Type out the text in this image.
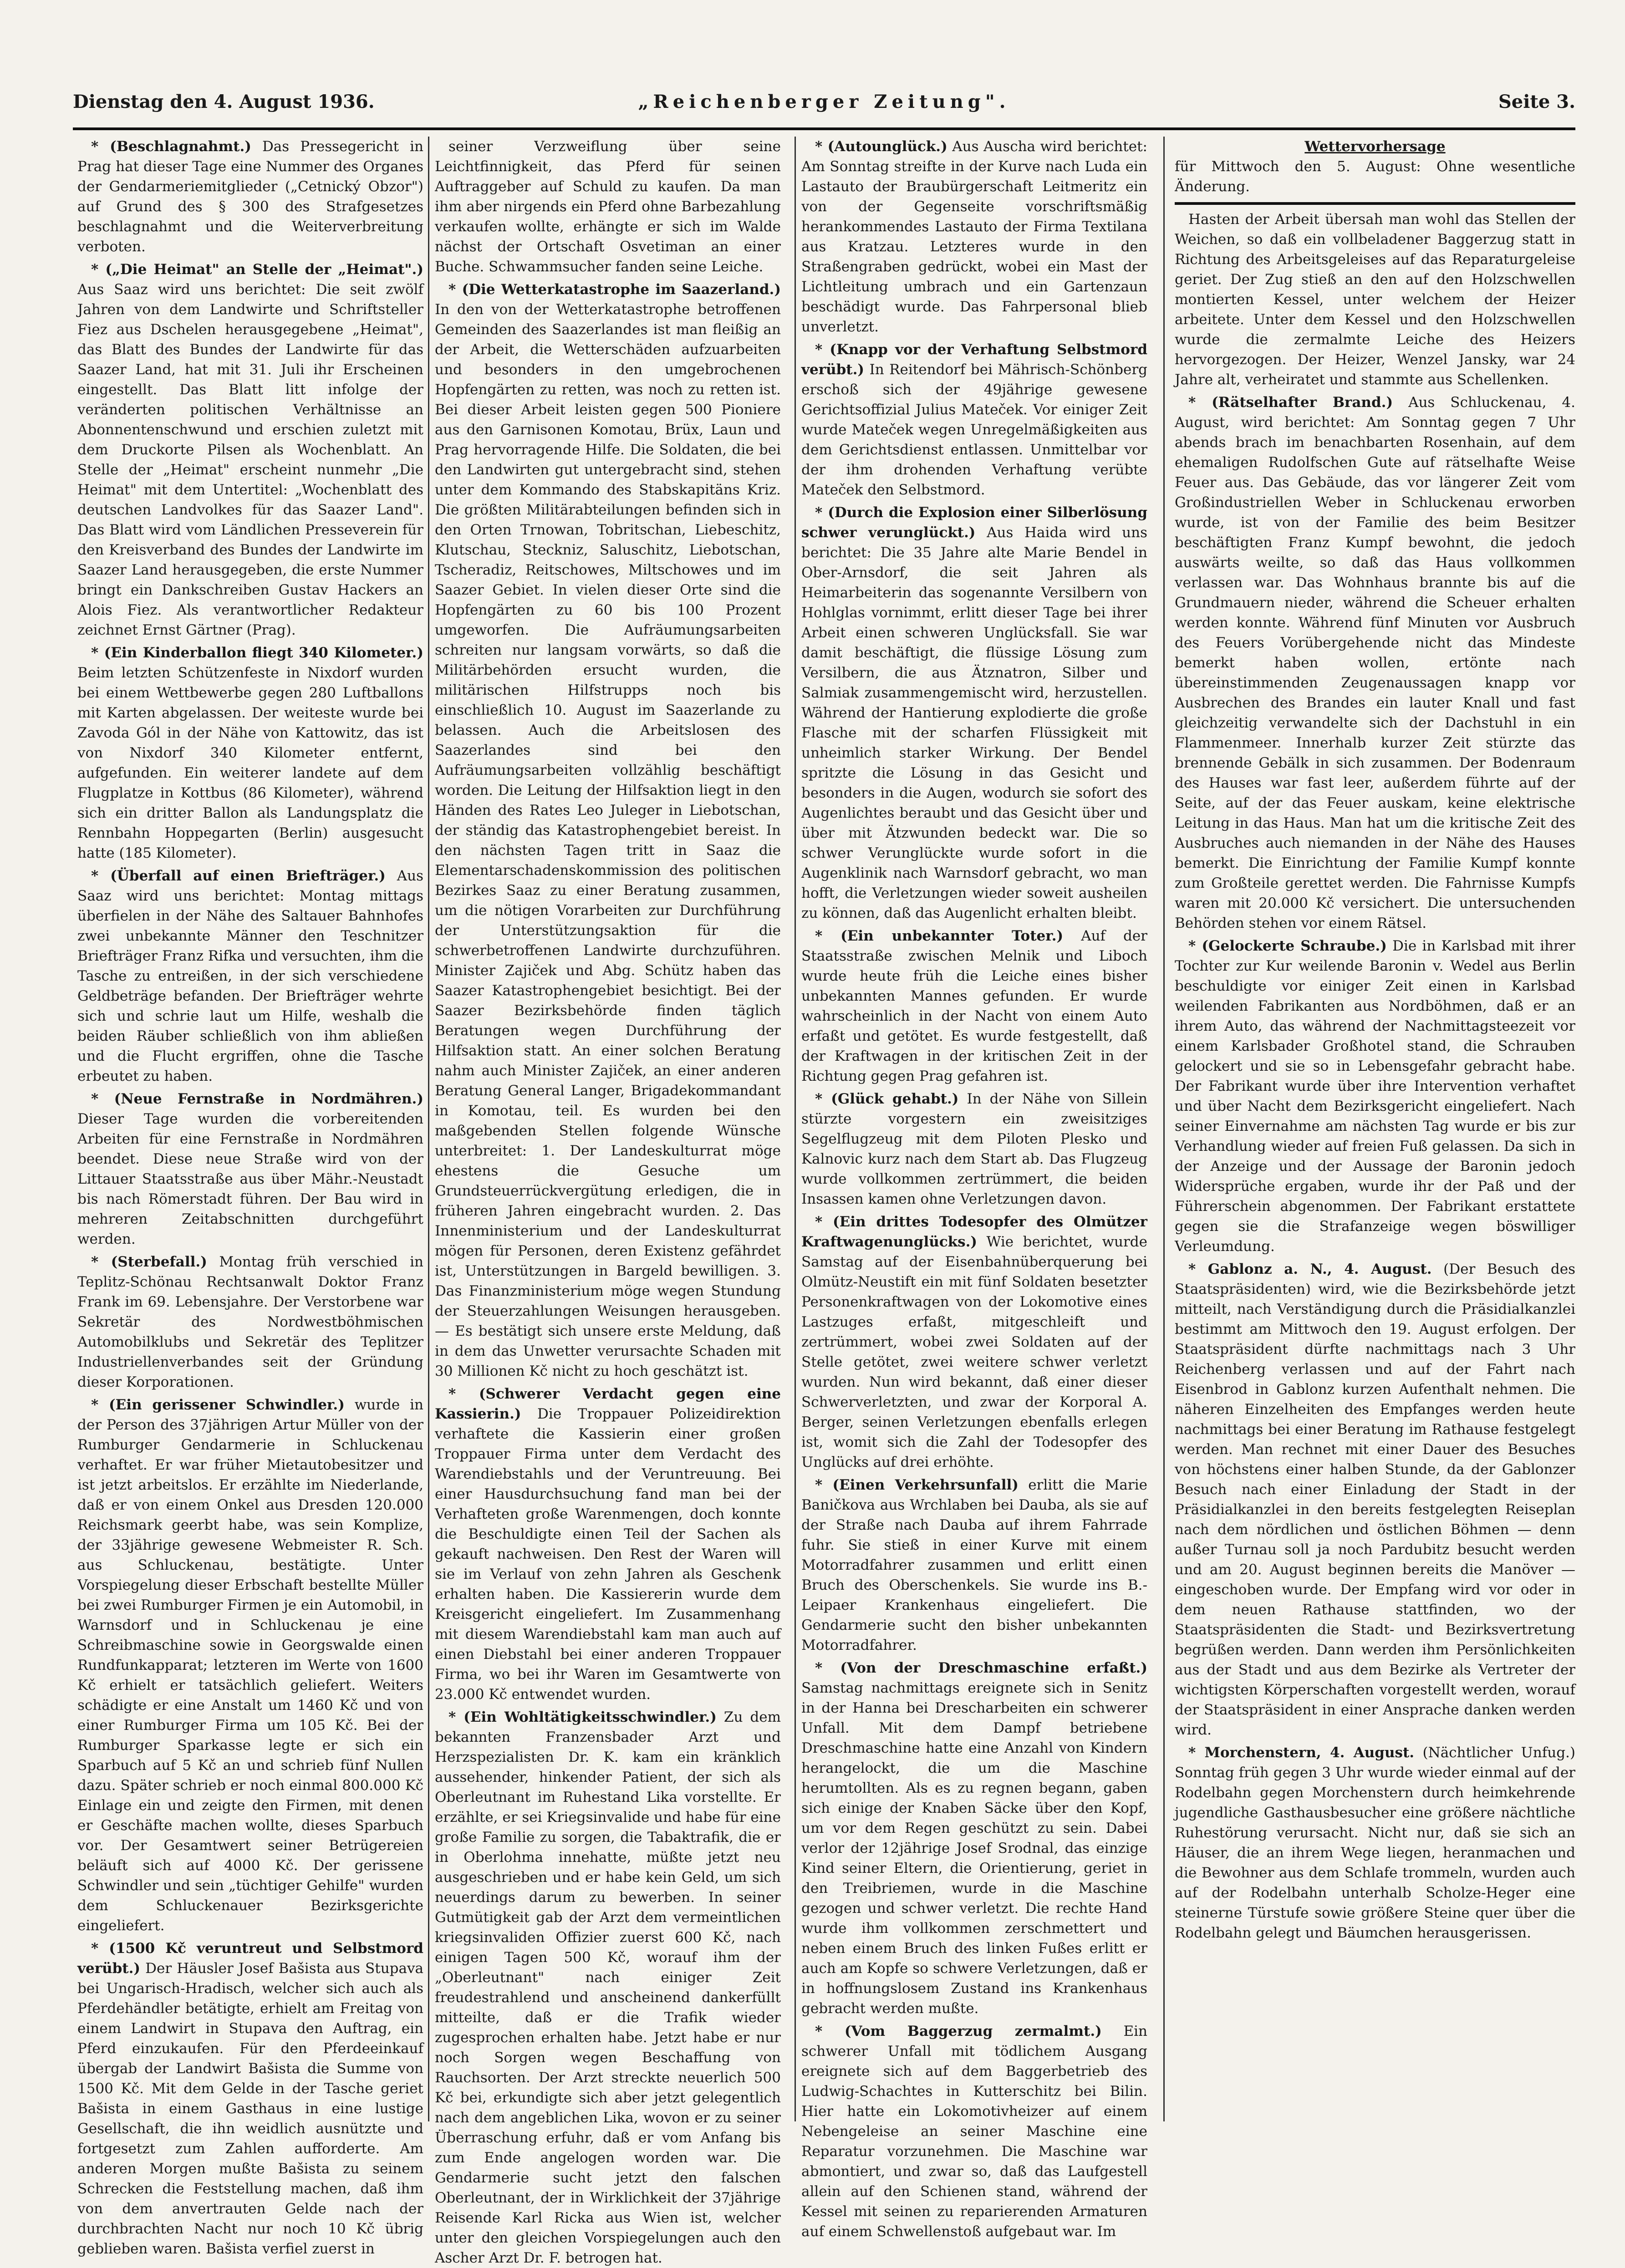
Dienstag den 4. August 1936.	„Reichenberger Zeitung".	Seite 3.

* (Beschlagnahmt.) Das Pressegericht in Prag hat dieser Tage eine Nummer des Organes der Gendarmeriemitglieder („Cetnický Obzor") auf Grund des § 300 des Strafgesetzes beschlagnahmt und die Weiterverbreitung verboten.

* („Die Heimat" an Stelle der „Heimat".) Aus Saaz wird uns berichtet: Die seit zwölf Jahren von dem Landwirte und Schriftsteller Fiez aus Dschelen herausgegebene „Heimat", das Blatt des Bundes der Landwirte für das Saazer Land, hat mit 31. Juli ihr Erscheinen eingestellt. Das Blatt litt infolge der veränderten politischen Verhältnisse an Abonnentenschwund und erschien zuletzt mit dem Druckorte Pilsen als Wochenblatt. An Stelle der „Heimat" erscheint nunmehr „Die Heimat" mit dem Untertitel: „Wochenblatt des deutschen Landvolkes für das Saazer Land". Das Blatt wird vom Ländlichen Presseverein für den Kreisverband des Bundes der Landwirte im Saazer Land herausgegeben, die erste Nummer bringt ein Dankschreiben Gustav Hackers an Alois Fiez. Als verantwortlicher Redakteur zeichnet Ernst Gärtner (Prag).

* (Ein Kinderballon fliegt 340 Kilometer.) Beim letzten Schützenfeste in Nixdorf wurden bei einem Wettbewerbe gegen 280 Luftballons mit Karten abgelassen. Der weiteste wurde bei Zavoda Gól in der Nähe von Kattowitz, das ist von Nixdorf 340 Kilometer entfernt, aufgefunden. Ein weiterer landete auf dem Flugplatze in Kottbus (86 Kilometer), während sich ein dritter Ballon als Landungsplatz die Rennbahn Hoppegarten (Berlin) ausgesucht hatte (185 Kilometer).

* (Überfall auf einen Briefträger.) Aus Saaz wird uns berichtet: Montag mittags überfielen in der Nähe des Saltauer Bahnhofes zwei unbekannte Männer den Teschnitzer Briefträger Franz Rifka und versuchten, ihm die Tasche zu entreißen, in der sich verschiedene Geldbeträge befanden. Der Briefträger wehrte sich und schrie laut um Hilfe, weshalb die beiden Räuber schließlich von ihm abließen und die Flucht ergriffen, ohne die Tasche erbeutet zu haben.

* (Neue Fernstraße in Nordmähren.) Dieser Tage wurden die vorbereitenden Arbeiten für eine Fernstraße in Nordmähren beendet. Diese neue Straße wird von der Littauer Staatsstraße aus über Mähr.-Neustadt bis nach Römerstadt führen. Der Bau wird in mehreren Zeitabschnitten durchgeführt werden.

* (Sterbefall.) Montag früh verschied in Teplitz-Schönau Rechtsanwalt Doktor Franz Frank im 69. Lebensjahre. Der Verstorbene war Sekretär des Nordwestböhmischen Automobilklubs und Sekretär des Teplitzer Industriellenverbandes seit der Gründung dieser Korporationen.

* (Ein gerissener Schwindler.) wurde in der Person des 37jährigen Artur Müller von der Rumburger Gendarmerie in Schluckenau verhaftet. Er war früher Mietautobesitzer und ist jetzt arbeitslos. Er erzählte im Niederlande, daß er von einem Onkel aus Dresden 120.000 Reichsmark geerbt habe, was sein Komplize, der 33jährige gewesene Webmeister R. Sch. aus Schluckenau, bestätigte. Unter Vorspiegelung dieser Erbschaft bestellte Müller bei zwei Rumburger Firmen je ein Automobil, in Warnsdorf und in Schluckenau je eine Schreibmaschine sowie in Georgswalde einen Rundfunkapparat; letzteren im Werte von 1600 Kč erhielt er tatsächlich geliefert. Weiters schädigte er eine Anstalt um 1460 Kč und von einer Rumburger Firma um 105 Kč. Bei der Rumburger Sparkasse legte er sich ein Sparbuch auf 5 Kč an und schrieb fünf Nullen dazu. Später schrieb er noch einmal 800.000 Kč Einlage ein und zeigte den Firmen, mit denen er Geschäfte machen wollte, dieses Sparbuch vor. Der Gesamtwert seiner Betrügereien beläuft sich auf 4000 Kč. Der gerissene Schwindler und sein „tüchtiger Gehilfe" wurden dem Schluckenauer Bezirksgerichte eingeliefert.

* (1500 Kč veruntreut und Selbstmord verübt.) Der Häusler Josef Bašista aus Stupava bei Ungarisch-Hradisch, welcher sich auch als Pferdehändler betätigte, erhielt am Freitag von einem Landwirt in Stupava den Auftrag, ein Pferd einzukaufen. Für den Pferdeeinkauf übergab der Landwirt Bašista die Summe von 1500 Kč. Mit dem Gelde in der Tasche geriet Bašista in einem Gasthaus in eine lustige Gesellschaft, die ihn weidlich ausnützte und fortgesetzt zum Zahlen aufforderte. Am anderen Morgen mußte Bašista zu seinem Schrecken die Feststellung machen, daß ihm von dem anvertrauten Gelde nach der durchbrachten Nacht nur noch 10 Kč übrig geblieben waren. Bašista verfiel zuerst in

seiner Verzweiflung über seine Leichtfinnigkeit, das Pferd für seinen Auftraggeber auf Schuld zu kaufen. Da man ihm aber nirgends ein Pferd ohne Barbezahlung verkaufen wollte, erhängte er sich im Walde nächst der Ortschaft Osvetiman an einer Buche. Schwammsucher fanden seine Leiche.

* (Die Wetterkatastrophe im Saazerland.) In den von der Wetterkatastrophe betroffenen Gemeinden des Saazerlandes ist man fleißig an der Arbeit, die Wetterschäden aufzuarbeiten und besonders in den umgebrochenen Hopfengärten zu retten, was noch zu retten ist. Bei dieser Arbeit leisten gegen 500 Pioniere aus den Garnisonen Komotau, Brüx, Laun und Prag hervorragende Hilfe. Die Soldaten, die bei den Landwirten gut untergebracht sind, stehen unter dem Kommando des Stabskapitäns Kriz. Die größten Militärabteilungen befinden sich in den Orten Trnowan, Tobritschan, Liebeschitz, Klutschau, Steckniz, Saluschitz, Liebotschan, Tscheradiz, Reitschowes, Miltschowes und im Saazer Gebiet. In vielen dieser Orte sind die Hopfengärten zu 60 bis 100 Prozent umgeworfen. Die Aufräumungsarbeiten schreiten nur langsam vorwärts, so daß die Militärbehörden ersucht wurden, die militärischen Hilfstrupps noch bis einschließlich 10. August im Saazerlande zu belassen. Auch die Arbeitslosen des Saazerlandes sind bei den Aufräumungsarbeiten vollzählig beschäftigt worden. Die Leitung der Hilfsaktion liegt in den Händen des Rates Leo Juleger in Liebotschan, der ständig das Katastrophengebiet bereist. In den nächsten Tagen tritt in Saaz die Elementarschadenskommission des politischen Bezirkes Saaz zu einer Beratung zusammen, um die nötigen Vorarbeiten zur Durchführung der Unterstützungsaktion für die schwerbetroffenen Landwirte durchzuführen. Minister Zajiček und Abg. Schütz haben das Saazer Katastrophengebiet besichtigt. Bei der Saazer Bezirksbehörde finden täglich Beratungen wegen Durchführung der Hilfsaktion statt. An einer solchen Beratung nahm auch Minister Zajiček, an einer anderen Beratung General Langer, Brigadekommandant in Komotau, teil. Es wurden bei den maßgebenden Stellen folgende Wünsche unterbreitet: 1. Der Landeskulturrat möge ehestens die Gesuche um Grundsteuerrückvergütung erledigen, die in früheren Jahren eingebracht wurden. 2. Das Innenministerium und der Landeskulturrat mögen für Personen, deren Existenz gefährdet ist, Unterstützungen in Bargeld bewilligen. 3. Das Finanzministerium möge wegen Stundung der Steuerzahlungen Weisungen herausgeben. — Es bestätigt sich unsere erste Meldung, daß in dem das Unwetter verursachte Schaden mit 30 Millionen Kč nicht zu hoch geschätzt ist.

* (Schwerer Verdacht gegen eine Kassierin.) Die Troppauer Polizeidirektion verhaftete die Kassierin einer großen Troppauer Firma unter dem Verdacht des Warendiebstahls und der Veruntreuung. Bei einer Hausdurchsuchung fand man bei der Verhafteten große Warenmengen, doch konnte die Beschuldigte einen Teil der Sachen als gekauft nachweisen. Den Rest der Waren will sie im Verlauf von zehn Jahren als Geschenk erhalten haben. Die Kassiererin wurde dem Kreisgericht eingeliefert. Im Zusammenhang mit diesem Warendiebstahl kam man auch auf einen Diebstahl bei einer anderen Troppauer Firma, wo bei ihr Waren im Gesamtwerte von 23.000 Kč entwendet wurden.

* (Ein Wohltätigkeitsschwindler.) Zu dem bekannten Franzensbader Arzt und Herzspezialisten Dr. K. kam ein kränklich aussehender, hinkender Patient, der sich als Oberleutnant im Ruhestand Lika vorstellte. Er erzählte, er sei Kriegsinvalide und habe für eine große Familie zu sorgen, die Tabaktrafik, die er in Oberlohma innehatte, müßte jetzt neu ausgeschrieben und er habe kein Geld, um sich neuerdings darum zu bewerben. In seiner Gutmütigkeit gab der Arzt dem vermeintlichen kriegsinvaliden Offizier zuerst 600 Kč, nach einigen Tagen 500 Kč, worauf ihm der „Oberleutnant" nach einiger Zeit freudestrahlend und anscheinend dankerfüllt mitteilte, daß er die Trafik wieder zugesprochen erhalten habe. Jetzt habe er nur noch Sorgen wegen Beschaffung von Rauchsorten. Der Arzt streckte neuerlich 500 Kč bei, erkundigte sich aber jetzt gelegentlich nach dem angeblichen Lika, wovon er zu seiner Überraschung erfuhr, daß er vom Anfang bis zum Ende angelogen worden war. Die Gendarmerie sucht jetzt den falschen Oberleutnant, der in Wirklichkeit der 37jährige Reisende Karl Ricka aus Wien ist, welcher unter den gleichen Vorspiegelungen auch den Ascher Arzt Dr. F. betrogen hat.

* (Autounglück.) Aus Auscha wird berichtet: Am Sonntag streifte in der Kurve nach Luda ein Lastauto der Braubürgerschaft Leitmeritz ein von der Gegenseite vorschriftsmäßig herankommendes Lastauto der Firma Textilana aus Kratzau. Letzteres wurde in den Straßengraben gedrückt, wobei ein Mast der Lichtleitung umbrach und ein Gartenzaun beschädigt wurde. Das Fahrpersonal blieb unverletzt.

* (Knapp vor der Verhaftung Selbstmord verübt.) In Reitendorf bei Mährisch-Schönberg erschoß sich der 49jährige gewesene Gerichtsoffizial Julius Mateček. Vor einiger Zeit wurde Mateček wegen Unregelmäßigkeiten aus dem Gerichtsdienst entlassen. Unmittelbar vor der ihm drohenden Verhaftung verübte Mateček den Selbstmord.

* (Durch die Explosion einer Silberlösung schwer verunglückt.) Aus Haida wird uns berichtet: Die 35 Jahre alte Marie Bendel in Ober-Arnsdorf, die seit Jahren als Heimarbeiterin das sogenannte Versilbern von Hohlglas vornimmt, erlitt dieser Tage bei ihrer Arbeit einen schweren Unglücksfall. Sie war damit beschäftigt, die flüssige Lösung zum Versilbern, die aus Ätznatron, Silber und Salmiak zusammengemischt wird, herzustellen. Während der Hantierung explodierte die große Flasche mit der scharfen Flüssigkeit mit unheimlich starker Wirkung. Der Bendel spritzte die Lösung in das Gesicht und besonders in die Augen, wodurch sie sofort des Augenlichtes beraubt und das Gesicht über und über mit Ätzwunden bedeckt war. Die so schwer Verunglückte wurde sofort in die Augenklinik nach Warnsdorf gebracht, wo man hofft, die Verletzungen wieder soweit ausheilen zu können, daß das Augenlicht erhalten bleibt.

* (Ein unbekannter Toter.) Auf der Staatsstraße zwischen Melnik und Liboch wurde heute früh die Leiche eines bisher unbekannten Mannes gefunden. Er wurde wahrscheinlich in der Nacht von einem Auto erfaßt und getötet. Es wurde festgestellt, daß der Kraftwagen in der kritischen Zeit in der Richtung gegen Prag gefahren ist.

* (Glück gehabt.) In der Nähe von Sillein stürzte vorgestern ein zweisitziges Segelflugzeug mit dem Piloten Plesko und Kalnovic kurz nach dem Start ab. Das Flugzeug wurde vollkommen zertrümmert, die beiden Insassen kamen ohne Verletzungen davon.

* (Ein drittes Todesopfer des Olmützer Kraftwagenunglücks.) Wie berichtet, wurde Samstag auf der Eisenbahnüberquerung bei Olmütz-Neustift ein mit fünf Soldaten besetzter Personenkraftwagen von der Lokomotive eines Lastzuges erfaßt, mitgeschleift und zertrümmert, wobei zwei Soldaten auf der Stelle getötet, zwei weitere schwer verletzt wurden. Nun wird bekannt, daß einer dieser Schwerverletzten, und zwar der Korporal A. Berger, seinen Verletzungen ebenfalls erlegen ist, womit sich die Zahl der Todesopfer des Unglücks auf drei erhöhte.

* (Einen Verkehrsunfall) erlitt die Marie Baničkova aus Wrchlaben bei Dauba, als sie auf der Straße nach Dauba auf ihrem Fahrrade fuhr. Sie stieß in einer Kurve mit einem Motorradfahrer zusammen und erlitt einen Bruch des Oberschenkels. Sie wurde ins B.-Leipaer Krankenhaus eingeliefert. Die Gendarmerie sucht den bisher unbekannten Motorradfahrer.

* (Von der Dreschmaschine erfaßt.) Samstag nachmittags ereignete sich in Senitz in der Hanna bei Drescharbeiten ein schwerer Unfall. Mit dem Dampf betriebene Dreschmaschine hatte eine Anzahl von Kindern herangelockt, die um die Maschine herumtollten. Als es zu regnen begann, gaben sich einige der Knaben Säcke über den Kopf, um vor dem Regen geschützt zu sein. Dabei verlor der 12jährige Josef Srodnal, das einzige Kind seiner Eltern, die Orientierung, geriet in den Treibriemen, wurde in die Maschine gezogen und schwer verletzt. Die rechte Hand wurde ihm vollkommen zerschmettert und neben einem Bruch des linken Fußes erlitt er auch am Kopfe so schwere Verletzungen, daß er in hoffnungslosem Zustand ins Krankenhaus gebracht werden mußte.

* (Vom Baggerzug zermalmt.) Ein schwerer Unfall mit tödlichem Ausgang ereignete sich auf dem Baggerbetrieb des Ludwig-Schachtes in Kutterschitz bei Bilin. Hier hatte ein Lokomotivheizer auf einem Nebengeleise an seiner Maschine eine Reparatur vorzunehmen. Die Maschine war abmontiert, und zwar so, daß das Laufgestell allein auf den Schienen stand, während der Kessel mit seinen zu reparierenden Armaturen auf einem Schwellenstoß aufgebaut war. Im

Wettervorhersage

für Mittwoch den 5. August: Ohne wesentliche Änderung.

Hasten der Arbeit übersah man wohl das Stellen der Weichen, so daß ein vollbeladener Baggerzug statt in Richtung des Arbeitsgeleises auf das Reparaturgeleise geriet. Der Zug stieß an den auf den Holzschwellen montierten Kessel, unter welchem der Heizer arbeitete. Unter dem Kessel und den Holzschwellen wurde die zermalmte Leiche des Heizers hervorgezogen. Der Heizer, Wenzel Jansky, war 24 Jahre alt, verheiratet und stammte aus Schellenken.

* (Rätselhafter Brand.) Aus Schluckenau, 4. August, wird berichtet: Am Sonntag gegen 7 Uhr abends brach im benachbarten Rosenhain, auf dem ehemaligen Rudolfschen Gute auf rätselhafte Weise Feuer aus. Das Gebäude, das vor längerer Zeit vom Großindustriellen Weber in Schluckenau erworben wurde, ist von der Familie des beim Besitzer beschäftigten Franz Kumpf bewohnt, die jedoch auswärts weilte, so daß das Haus vollkommen verlassen war. Das Wohnhaus brannte bis auf die Grundmauern nieder, während die Scheuer erhalten werden konnte. Während fünf Minuten vor Ausbruch des Feuers Vorübergehende nicht das Mindeste bemerkt haben wollen, ertönte nach übereinstimmenden Zeugenaussagen knapp vor Ausbrechen des Brandes ein lauter Knall und fast gleichzeitig verwandelte sich der Dachstuhl in ein Flammenmeer. Innerhalb kurzer Zeit stürzte das brennende Gebälk in sich zusammen. Der Bodenraum des Hauses war fast leer, außerdem führte auf der Seite, auf der das Feuer auskam, keine elektrische Leitung in das Haus. Man hat um die kritische Zeit des Ausbruches auch niemanden in der Nähe des Hauses bemerkt. Die Einrichtung der Familie Kumpf konnte zum Großteile gerettet werden. Die Fahrnisse Kumpfs waren mit 20.000 Kč versichert. Die untersuchenden Behörden stehen vor einem Rätsel.

* (Gelockerte Schraube.) Die in Karlsbad mit ihrer Tochter zur Kur weilende Baronin v. Wedel aus Berlin beschuldigte vor einiger Zeit einen in Karlsbad weilenden Fabrikanten aus Nordböhmen, daß er an ihrem Auto, das während der Nachmittagsteezeit vor einem Karlsbader Großhotel stand, die Schrauben gelockert und sie so in Lebensgefahr gebracht habe. Der Fabrikant wurde über ihre Intervention verhaftet und über Nacht dem Bezirksgericht eingeliefert. Nach seiner Einvernahme am nächsten Tag wurde er bis zur Verhandlung wieder auf freien Fuß gelassen. Da sich in der Anzeige und der Aussage der Baronin jedoch Widersprüche ergaben, wurde ihr der Paß und der Führerschein abgenommen. Der Fabrikant erstattete gegen sie die Strafanzeige wegen böswilliger Verleumdung.

* Gablonz a. N., 4. August. (Der Besuch des Staatspräsidenten) wird, wie die Bezirksbehörde jetzt mitteilt, nach Verständigung durch die Präsidialkanzlei bestimmt am Mittwoch den 19. August erfolgen. Der Staatspräsident dürfte nachmittags nach 3 Uhr Reichenberg verlassen und auf der Fahrt nach Eisenbrod in Gablonz kurzen Aufenthalt nehmen. Die näheren Einzelheiten des Empfanges werden heute nachmittags bei einer Beratung im Rathause festgelegt werden. Man rechnet mit einer Dauer des Besuches von höchstens einer halben Stunde, da der Gablonzer Besuch nach einer Einladung der Stadt in der Präsidialkanzlei in den bereits festgelegten Reiseplan nach dem nördlichen und östlichen Böhmen — denn außer Turnau soll ja noch Pardubitz besucht werden und am 20. August beginnen bereits die Manöver — eingeschoben wurde. Der Empfang wird vor oder in dem neuen Rathause stattfinden, wo der Staatspräsidenten die Stadt- und Bezirksvertretung begrüßen werden. Dann werden ihm Persönlichkeiten aus der Stadt und aus dem Bezirke als Vertreter der wichtigsten Körperschaften vorgestellt werden, worauf der Staatspräsident in einer Ansprache danken werden wird.

* Morchenstern, 4. August. (Nächtlicher Unfug.) Sonntag früh gegen 3 Uhr wurde wieder einmal auf der Rodelbahn gegen Morchenstern durch heimkehrende jugendliche Gasthausbesucher eine größere nächtliche Ruhestörung verursacht. Nicht nur, daß sie sich an Häuser, die an ihrem Wege liegen, heranmachen und die Bewohner aus dem Schlafe trommeln, wurden auch auf der Rodelbahn unterhalb Scholze-Heger eine steinerne Türstufe sowie größere Steine quer über die Rodelbahn gelegt und Bäumchen herausgerissen.
